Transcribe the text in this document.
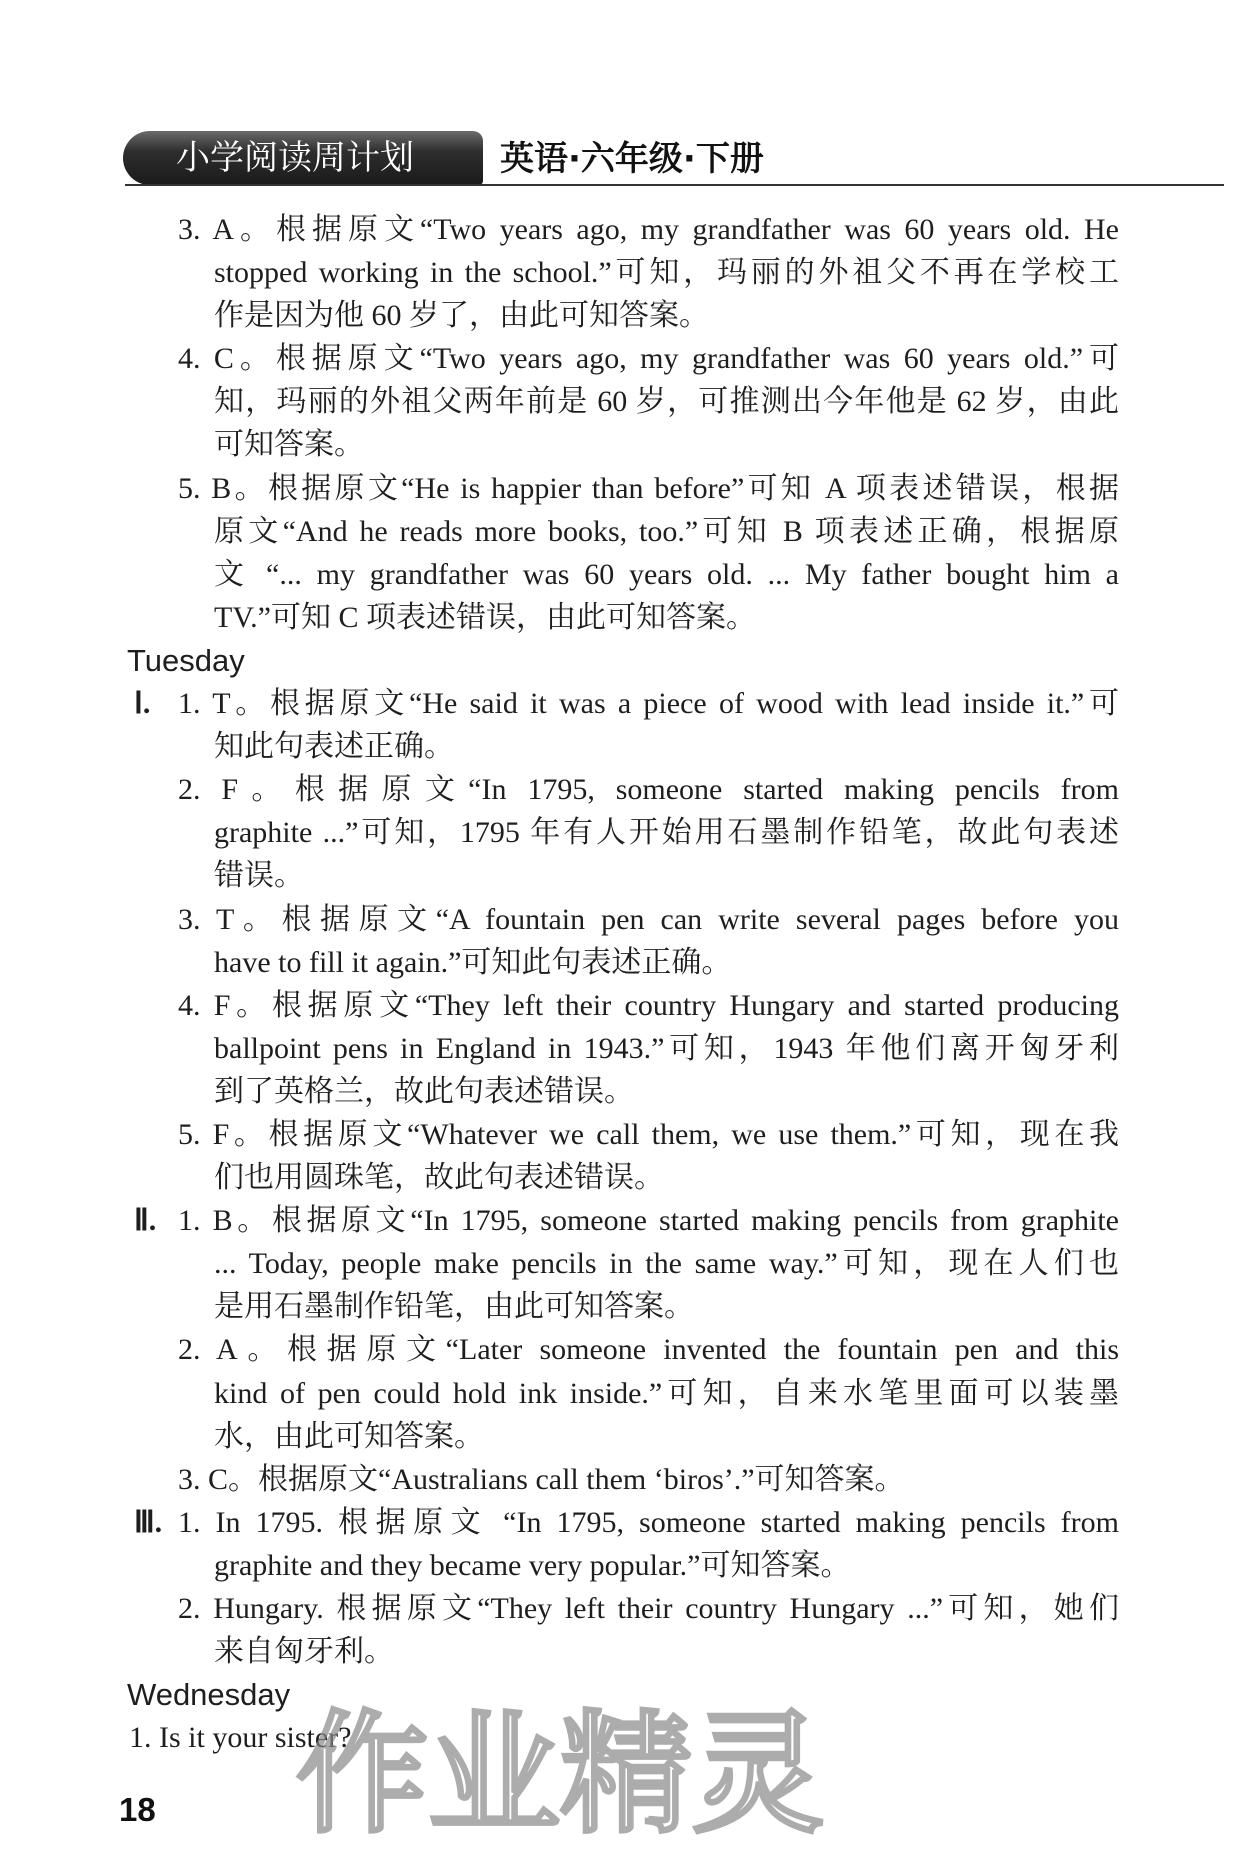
小学阅读周计划	英语·六年级·下册
3. A。根据原文“Two years ago, my grandfather was 60 years old. He
stopped working in the school.”可知，玛丽的外祖父不再在学校工
作是因为他 60 岁了，由此可知答案。
4. C。根据原文“Two years ago, my grandfather was 60 years old.”可
知，玛丽的外祖父两年前是 60 岁，可推测出今年他是 62 岁，由此
可知答案。
5. B。根据原文“He is happier than before”可知 A 项表述错误，根据
原文“And he reads more books, too.”可知 B 项表述正确，根据原
文 “... my grandfather was 60 years old. ... My father bought him a
TV.”可知 C 项表述错误，由此可知答案。
Tuesday
Ⅰ. 1. T。根据原文“He said it was a piece of wood with lead inside it.”可
知此句表述正确。
2. F。根据原文“In 1795, someone started making pencils from
graphite ...”可知，1795 年有人开始用石墨制作铅笔，故此句表述
错误。
3. T。根据原文“A fountain pen can write several pages before you
have to fill it again.”可知此句表述正确。
4. F。根据原文“They left their country Hungary and started producing
ballpoint pens in England in 1943.”可知，1943 年他们离开匈牙利
到了英格兰，故此句表述错误。
5. F。根据原文“Whatever we call them, we use them.”可知，现在我
们也用圆珠笔，故此句表述错误。
Ⅱ. 1. B。根据原文“In 1795, someone started making pencils from graphite
... Today, people make pencils in the same way.”可知，现在人们也
是用石墨制作铅笔，由此可知答案。
2. A。根据原文“Later someone invented the fountain pen and this
kind of pen could hold ink inside.”可知，自来水笔里面可以装墨
水，由此可知答案。
3. C。根据原文“Australians call them ‘biros’.”可知答案。
Ⅲ. 1. In 1795. 根据原文 “In 1795, someone started making pencils from
graphite and they became very popular.”可知答案。
2. Hungary. 根据原文“They left their country Hungary ...”可知，她们
来自匈牙利。
Wednesday
1. Is it your sister?
18 作业精灵
